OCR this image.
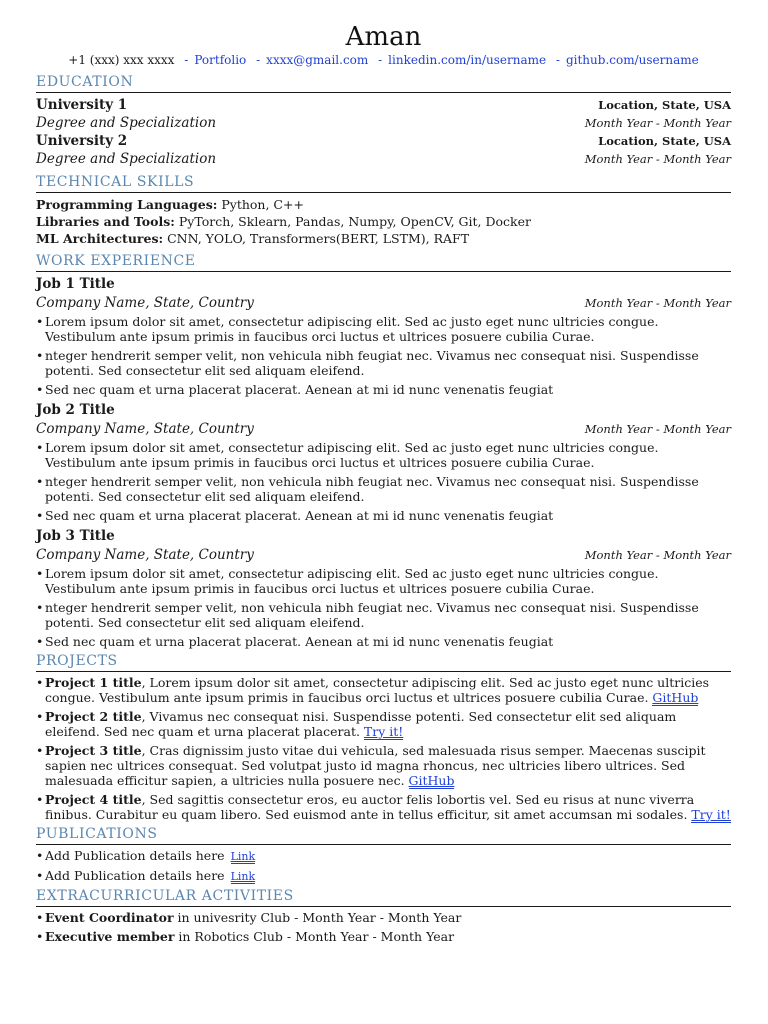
Aman
+1 (xxx) xxx xxxx - Portfolio - xxxx@gmail.com - linkedin.com/in/username - github.com/username
EDUCATION
University 1	Location, State, USA
Degree and Specialization	Month Year - Month Year
University 2	Location, State, USA
Degree and Specialization	Month Year - Month Year
TECHNICAL SKILLS

Programming Languages: Python, C++

Libraries and Tools: PyTorch, Sklearn, Pandas, Numpy, OpenCV, Git, Docker

ML Architectures: CNN, YOLO, Transformers(BERT, LSTM), RAFT

WORK EXPERIENCE
Job 1 Title
Company Name, State, Country	Month Year - Month Year
• Lorem ipsum dolor sit amet, consectetur adipiscing elit. Sed ac justo eget nunc ultricies congue. Vestibulum ante ipsum primis in faucibus orci luctus et ultrices posuere cubilia Curae.
• nteger hendrerit semper velit, non vehicula nibh feugiat nec. Vivamus nec consequat nisi. Suspendisse potenti. Sed consectetur elit sed aliquam eleifend.
• Sed nec quam et urna placerat placerat. Aenean at mi id nunc venenatis feugiat
Job 2 Title
Company Name, State, Country	Month Year - Month Year
• Lorem ipsum dolor sit amet, consectetur adipiscing elit. Sed ac justo eget nunc ultricies congue. Vestibulum ante ipsum primis in faucibus orci luctus et ultrices posuere cubilia Curae.
• nteger hendrerit semper velit, non vehicula nibh feugiat nec. Vivamus nec consequat nisi. Suspendisse potenti. Sed consectetur elit sed aliquam eleifend.
• Sed nec quam et urna placerat placerat. Aenean at mi id nunc venenatis feugiat
Job 3 Title
Company Name, State, Country	Month Year - Month Year
• Lorem ipsum dolor sit amet, consectetur adipiscing elit. Sed ac justo eget nunc ultricies congue. Vestibulum ante ipsum primis in faucibus orci luctus et ultrices posuere cubilia Curae.
• nteger hendrerit semper velit, non vehicula nibh feugiat nec. Vivamus nec consequat nisi. Suspendisse potenti. Sed consectetur elit sed aliquam eleifend.
• Sed nec quam et urna placerat placerat. Aenean at mi id nunc venenatis feugiat
PROJECTS
• Project 1 title, Lorem ipsum dolor sit amet, consectetur adipiscing elit. Sed ac justo eget nunc ultricies congue. Vestibulum ante ipsum primis in faucibus orci luctus et ultrices posuere cubilia Curae. GitHub
• Project 2 title, Vivamus nec consequat nisi. Suspendisse potenti. Sed consectetur elit sed aliquam eleifend. Sed nec quam et urna placerat placerat. Try it!
• Project 3 title, Cras dignissim justo vitae dui vehicula, sed malesuada risus semper. Maecenas suscipit sapien nec ultrices consequat. Sed volutpat justo id magna rhoncus, nec ultricies libero ultrices. Sed malesuada efficitur sapien, a ultricies nulla posuere nec. GitHub
• Project 4 title, Sed sagittis consectetur eros, eu auctor felis lobortis vel. Sed eu risus at nunc viverra finibus. Curabitur eu quam libero. Sed euismod ante in tellus efficitur, sit amet accumsan mi sodales. Try it!
PUBLICATIONS
• Add Publication details here Link
• Add Publication details here Link
EXTRACURRICULAR ACTIVITIES
• Event Coordinator in univesrity Club - Month Year - Month Year
• Executive member in Robotics Club - Month Year - Month Year
